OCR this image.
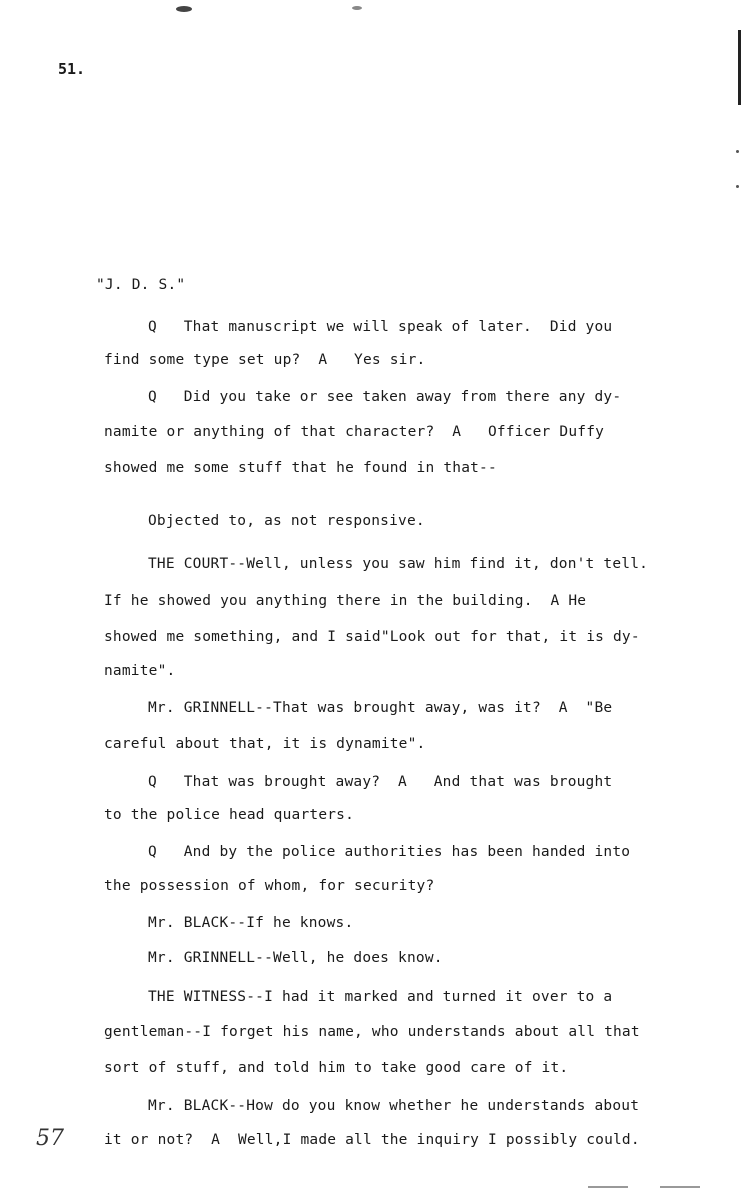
51.
"J. D. S."
Q   That manuscript we will speak of later.  Did you
find some type set up?  A   Yes sir.
Q   Did you take or see taken away from there any dy-
namite or anything of that character?  A   Officer Duffy
showed me some stuff that he found in that--
Objected to, as not responsive.
THE COURT--Well, unless you saw him find it, don't tell.
If he showed you anything there in the building.  A He
showed me something, and I said"Look out for that, it is dy-
namite".
Mr. GRINNELL--That was brought away, was it?  A  "Be
careful about that, it is dynamite".
Q   That was brought away?  A   And that was brought
to the police head quarters.
Q   And by the police authorities has been handed into
the possession of whom, for security?
Mr. BLACK--If he knows.
Mr. GRINNELL--Well, he does know.
THE WITNESS--I had it marked and turned it over to a
gentleman--I forget his name, who understands about all that
sort of stuff, and told him to take good care of it.
Mr. BLACK--How do you know whether he understands about
it or not?  A  Well,I made all the inquiry I possibly could.
57
